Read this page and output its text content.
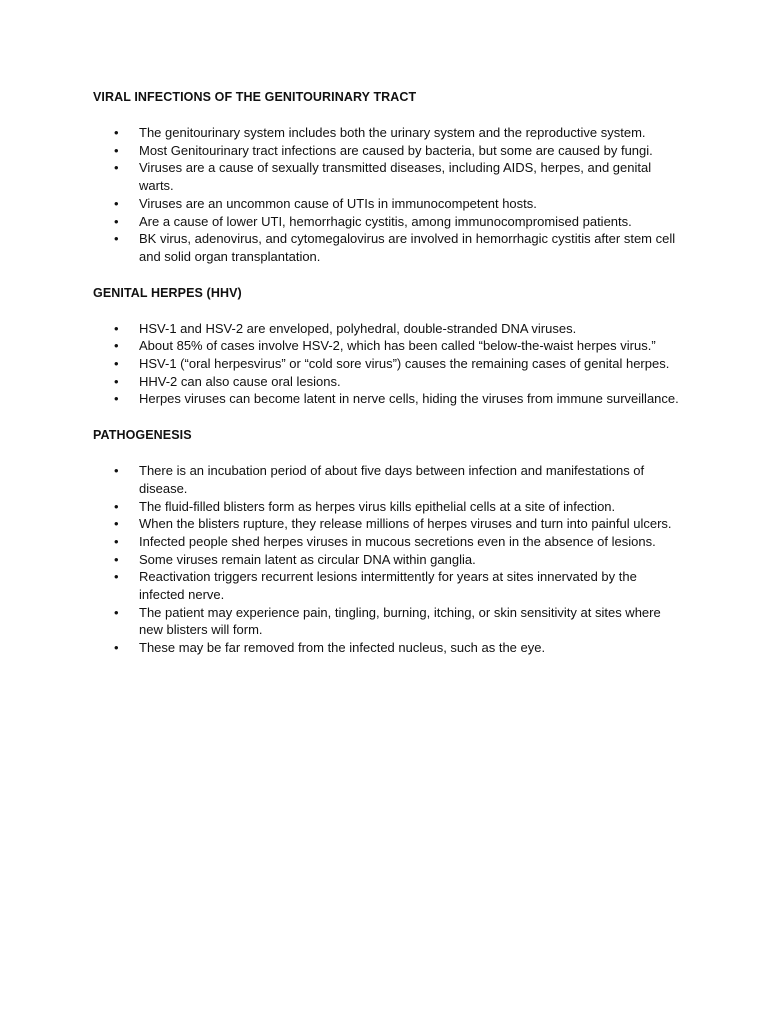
VIRAL INFECTIONS OF THE GENITOURINARY TRACT
• The genitourinary system includes both the urinary system and the reproductive system.
• Most Genitourinary tract infections are caused by bacteria, but some are caused by fungi.
• Viruses are a cause of sexually transmitted diseases, including AIDS, herpes, and genital warts.
• Viruses are an uncommon cause of UTIs in immunocompetent hosts.
• Are a cause of lower UTI, hemorrhagic cystitis, among immunocompromised patients.
• BK virus, adenovirus, and cytomegalovirus are involved in hemorrhagic cystitis after stem cell and solid organ transplantation.
GENITAL HERPES (HHV)
• HSV-1 and HSV-2 are enveloped, polyhedral, double-stranded DNA viruses.
• About 85% of cases involve HSV-2, which has been called “below-the-waist herpes virus.”
• HSV-1 (“oral herpesvirus” or “cold sore virus”) causes the remaining cases of genital herpes.
• HHV-2 can also cause oral lesions.
• Herpes viruses can become latent in nerve cells, hiding the viruses from immune surveillance.
PATHOGENESIS
• There is an incubation period of about five days between infection and manifestations of disease.
• The fluid-filled blisters form as herpes virus kills epithelial cells at a site of infection.
• When the blisters rupture, they release millions of herpes viruses and turn into painful ulcers.
• Infected people shed herpes viruses in mucous secretions even in the absence of lesions.
• Some viruses remain latent as circular DNA within ganglia.
• Reactivation triggers recurrent lesions intermittently for years at sites innervated by the infected nerve.
• The patient may experience pain, tingling, burning, itching, or skin sensitivity at sites where new blisters will form.
• These may be far removed from the infected nucleus, such as the eye.
